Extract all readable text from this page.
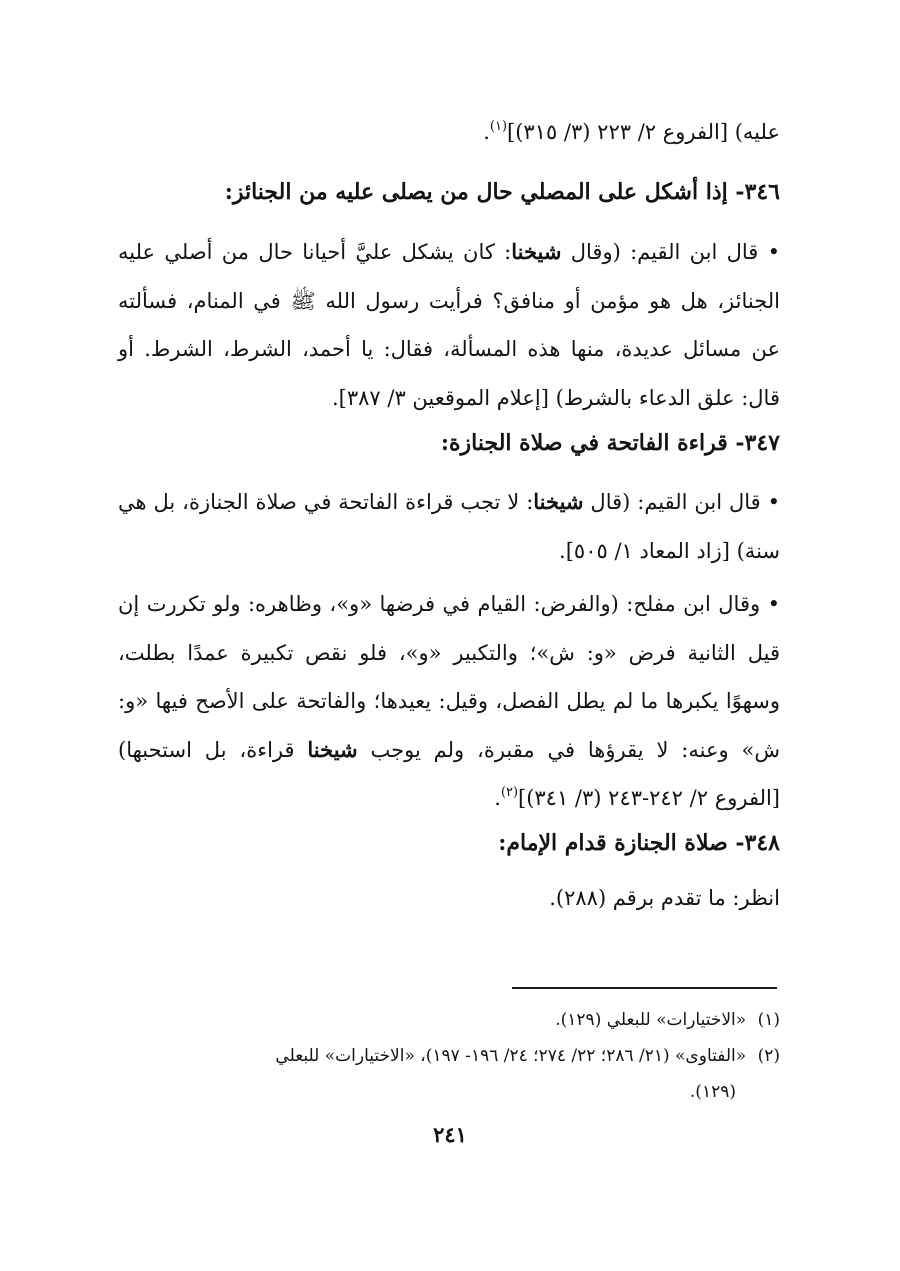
عليه) [الفروع ٢/ ٢٢٣ (٣/ ٣١٥)]$^{(١)}$.
٣٤٦- إذا أشكل على المصلي حال من يصلى عليه من الجنائز:
• قال ابن القيم: (وقال شيخنا: كان يشكل عليَّ أحيانا حال من أصلي عليه الجنائز، هل هو مؤمن أو منافق؟ فرأيت رسول الله ﷺ في المنام، فسألته عن مسائل عديدة، منها هذه المسألة، فقال: يا أحمد، الشرط، الشرط. أو قال: علق الدعاء بالشرط) [إعلام الموقعين ٣/ ٣٨٧].
٣٤٧- قراءة الفاتحة في صلاة الجنازة:
• قال ابن القيم: (قال شيخنا: لا تجب قراءة الفاتحة في صلاة الجنازة، بل هي سنة) [زاد المعاد ١/ ٥٠٥].
• وقال ابن مفلح: (والفرض: القيام في فرضها «و»، وظاهره: ولو تكررت إن قيل الثانية فرض «و: ش»؛ والتكبير «و»، فلو نقص تكبيرة عمدًا بطلت، وسهوًا يكبرها ما لم يطل الفصل، وقيل: يعيدها؛ والفاتحة على الأصح فيها «و: ش» وعنه: لا يقرؤها في مقبرة، ولم يوجب شيخنا قراءة، بل استحبها) [الفروع ٢/ ٢٤٢-٢٤٣ (٣/ ٣٤١)]$^{(٢)}$.
٣٤٨- صلاة الجنازة قدام الإمام:
انظر: ما تقدم برقم (٢٨٨).

(١) «الاختيارات» للبعلي (١٢٩).

(٢) «الفتاوى» (٢١/ ٢٨٦؛ ٢٢/ ٢٧٤؛ ٢٤/ ١٩٦- ١٩٧)، «الاختيارات» للبعلي

(١٢٩).

٢٤١
